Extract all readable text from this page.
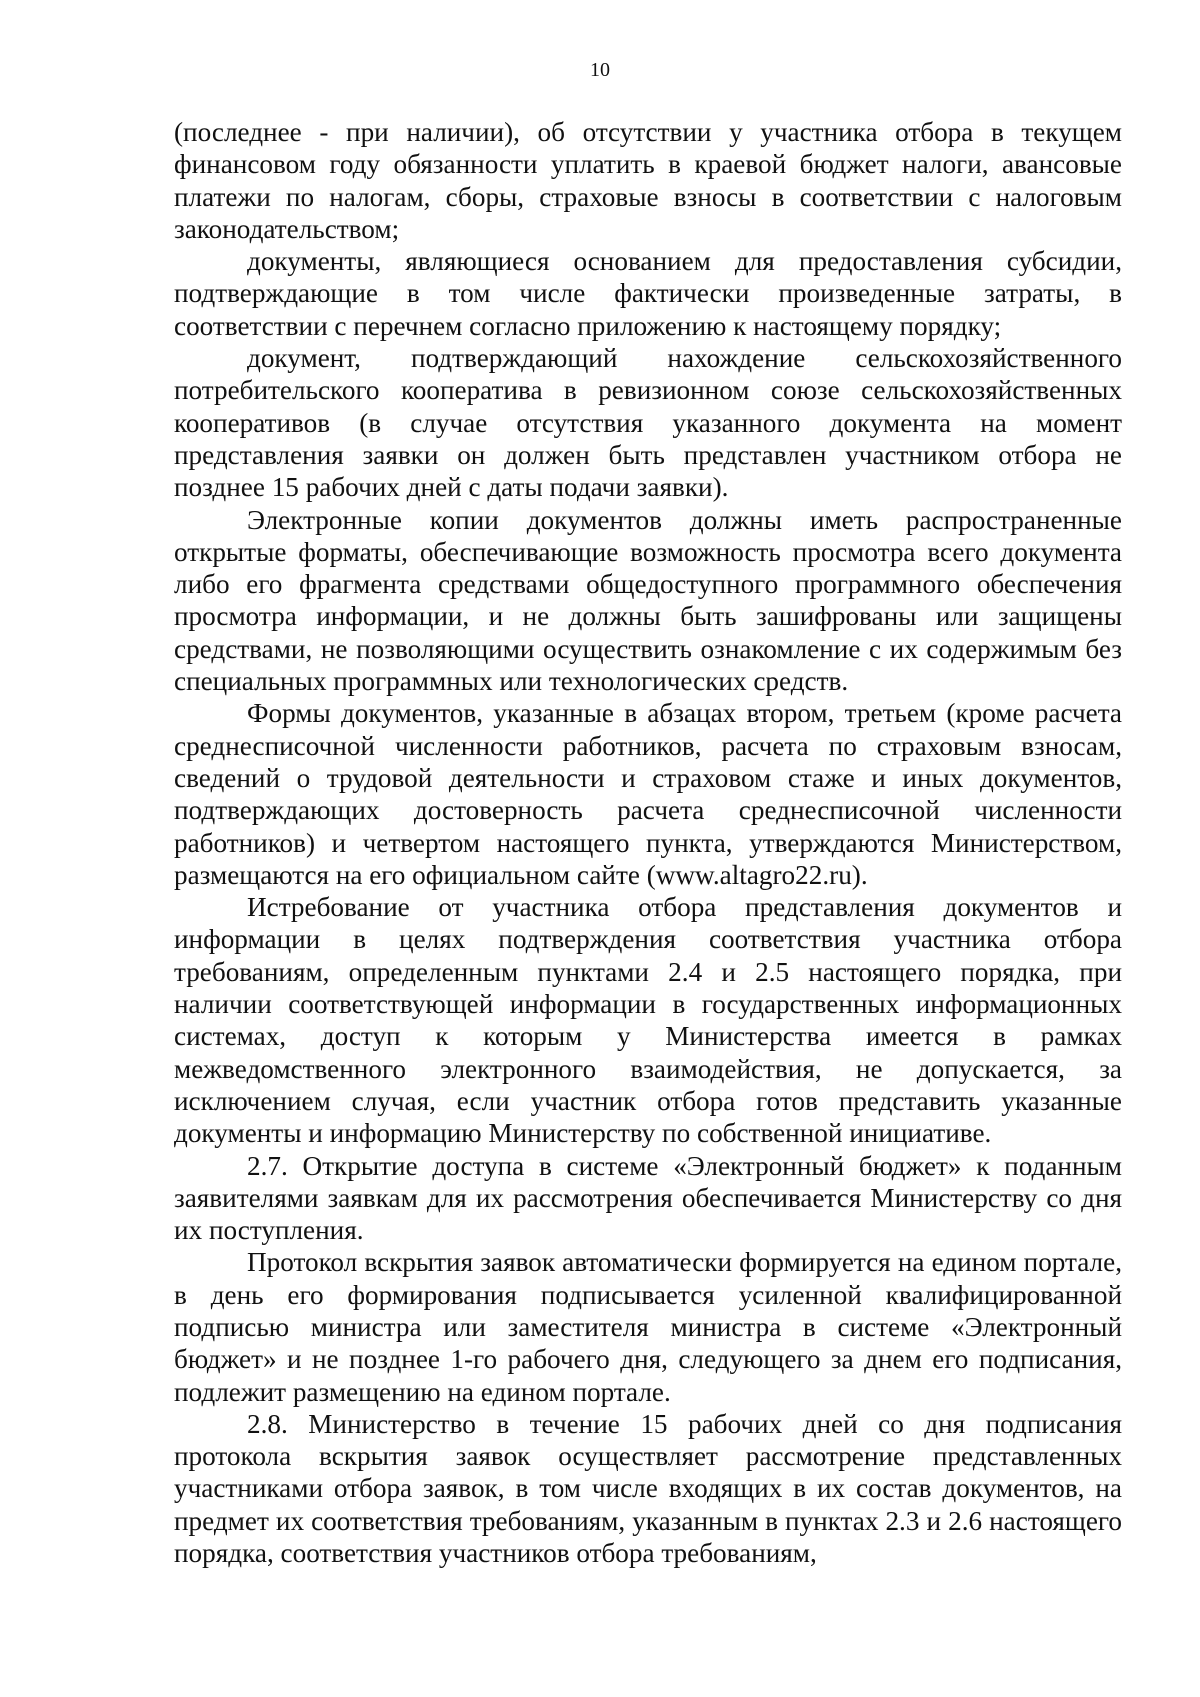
10

(последнее - при наличии), об отсутствии у участника отбора в текущем финансовом году обязанности уплатить в краевой бюджет налоги, авансовые платежи по налогам, сборы, страховые взносы в соответствии с налоговым законодательством;

документы, являющиеся основанием для предоставления субсидии, подтверждающие в том числе фактически произведенные затраты, в соответствии с перечнем согласно приложению к настоящему порядку;

документ, подтверждающий нахождение сельскохозяйственного потребительского кооператива в ревизионном союзе сельскохозяйственных кооперативов (в случае отсутствия указанного документа на момент представления заявки он должен быть представлен участником отбора не позднее 15 рабочих дней с даты подачи заявки).

Электронные копии документов должны иметь распространенные открытые форматы, обеспечивающие возможность просмотра всего документа либо его фрагмента средствами общедоступного программного обеспечения просмотра информации, и не должны быть зашифрованы или защищены средствами, не позволяющими осуществить ознакомление с их содержимым без специальных программных или технологических средств.

Формы документов, указанные в абзацах втором, третьем (кроме расчета среднесписочной численности работников, расчета по страховым взносам, сведений о трудовой деятельности и страховом стаже и иных документов, подтверждающих достоверность расчета среднесписочной численности работников) и четвертом настоящего пункта, утверждаются Министерством, размещаются на его официальном сайте (www.altagro22.ru).

Истребование от участника отбора представления документов и информации в целях подтверждения соответствия участника отбора требованиям, определенным пунктами 2.4 и 2.5 настоящего порядка, при наличии соответствующей информации в государственных информационных системах, доступ к которым у Министерства имеется в рамках межведомственного электронного взаимодействия, не допускается, за исключением случая, если участник отбора готов представить указанные документы и информацию Министерству по собственной инициативе.

2.7. Открытие доступа в системе «Электронный бюджет» к поданным заявителями заявкам для их рассмотрения обеспечивается Министерству со дня их поступления.

Протокол вскрытия заявок автоматически формируется на едином портале, в день его формирования подписывается усиленной квалифицированной подписью министра или заместителя министра в системе «Электронный бюджет» и не позднее 1-го рабочего дня, следующего за днем его подписания, подлежит размещению на едином портале.

2.8. Министерство в течение 15 рабочих дней со дня подписания протокола вскрытия заявок осуществляет рассмотрение представленных участниками отбора заявок, в том числе входящих в их состав документов, на предмет их соответствия требованиям, указанным в пунктах 2.3 и 2.6 настоящего порядка, соответствия участников отбора требованиям,
